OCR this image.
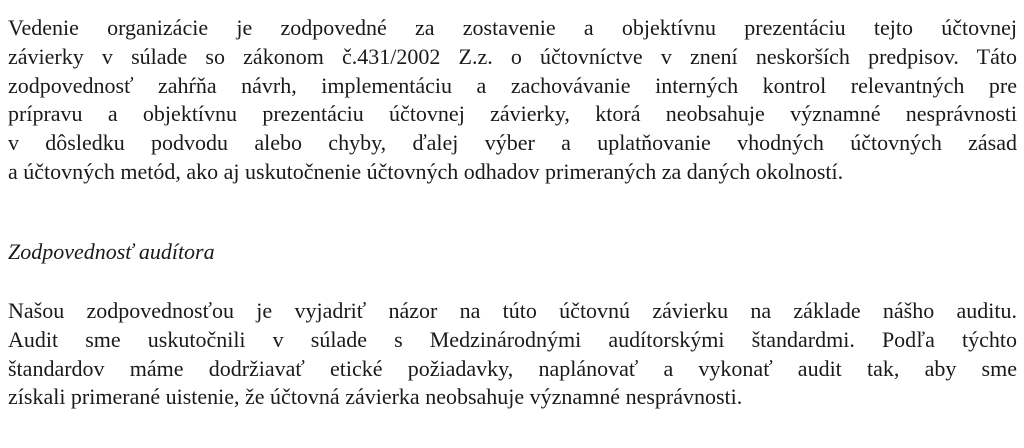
Vedenie organizácie je zodpovedné za zostavenie a objektívnu prezentáciu tejto účtovnej
závierky v súlade so zákonom č.431/2002 Z.z. o účtovníctve v znení neskorších predpisov. Táto
zodpovednosť zahŕňa návrh, implementáciu a zachovávanie interných kontrol relevantných pre
prípravu a objektívnu prezentáciu účtovnej závierky, ktorá neobsahuje významné nesprávnosti
v dôsledku podvodu alebo chyby, ďalej výber a uplatňovanie vhodných účtovných zásad
a účtovných metód, ako aj uskutočnenie účtovných odhadov primeraných za daných okolností.
Zodpovednosť audítora
Našou zodpovednosťou je vyjadriť názor na túto účtovnú závierku na základe nášho auditu.
Audit sme uskutočnili v súlade s Medzinárodnými audítorskými štandardmi. Podľa týchto
štandardov máme dodržiavať etické požiadavky, naplánovať a vykonať audit tak, aby sme
získali primerané uistenie, že účtovná závierka neobsahuje významné nesprávnosti.
